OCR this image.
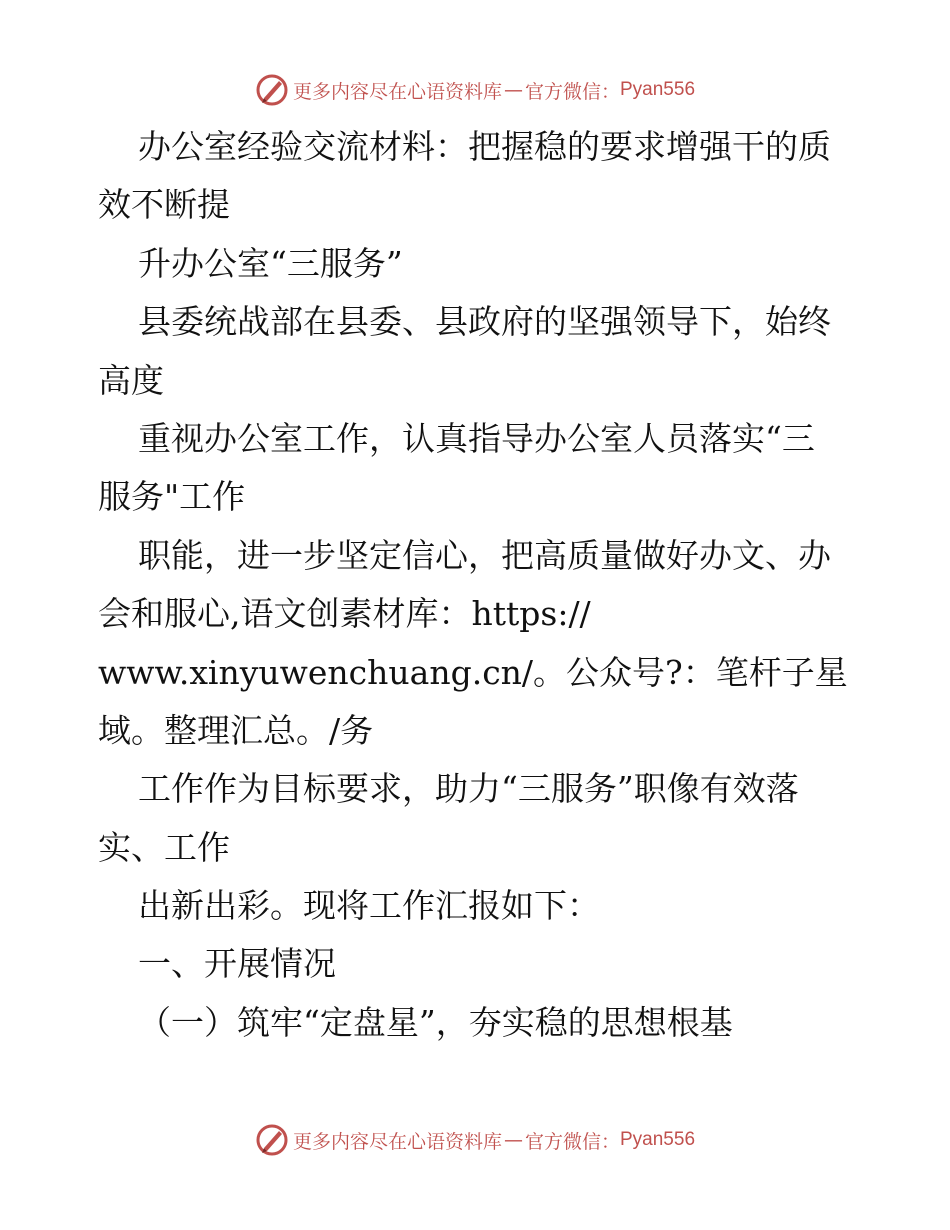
更多内容尽在心语资料库 — 官方微信： Pyan556
办公室经验交流材料：把握稳的要求增强干的质
效不断提
升办公室“三服务”
县委统战部在县委、县政府的坚强领导下，始终
高度
重视办公室工作，认真指导办公室人员落实“三
服务"工作
职能，进一步坚定信心，把高质量做好办文、办
会和服心,语文创素材库：https://
www.xinyuwenchuang.cn/。公众号?：笔杆子星
域。整理汇总。/务
工作作为目标要求，助力“三服务”职像有效落
实、工作
出新出彩。现将工作汇报如下：
一、开展情况
（一）筑牢“定盘星”，夯实稳的思想根基
更多内容尽在心语资料库 — 官方微信： Pyan556
